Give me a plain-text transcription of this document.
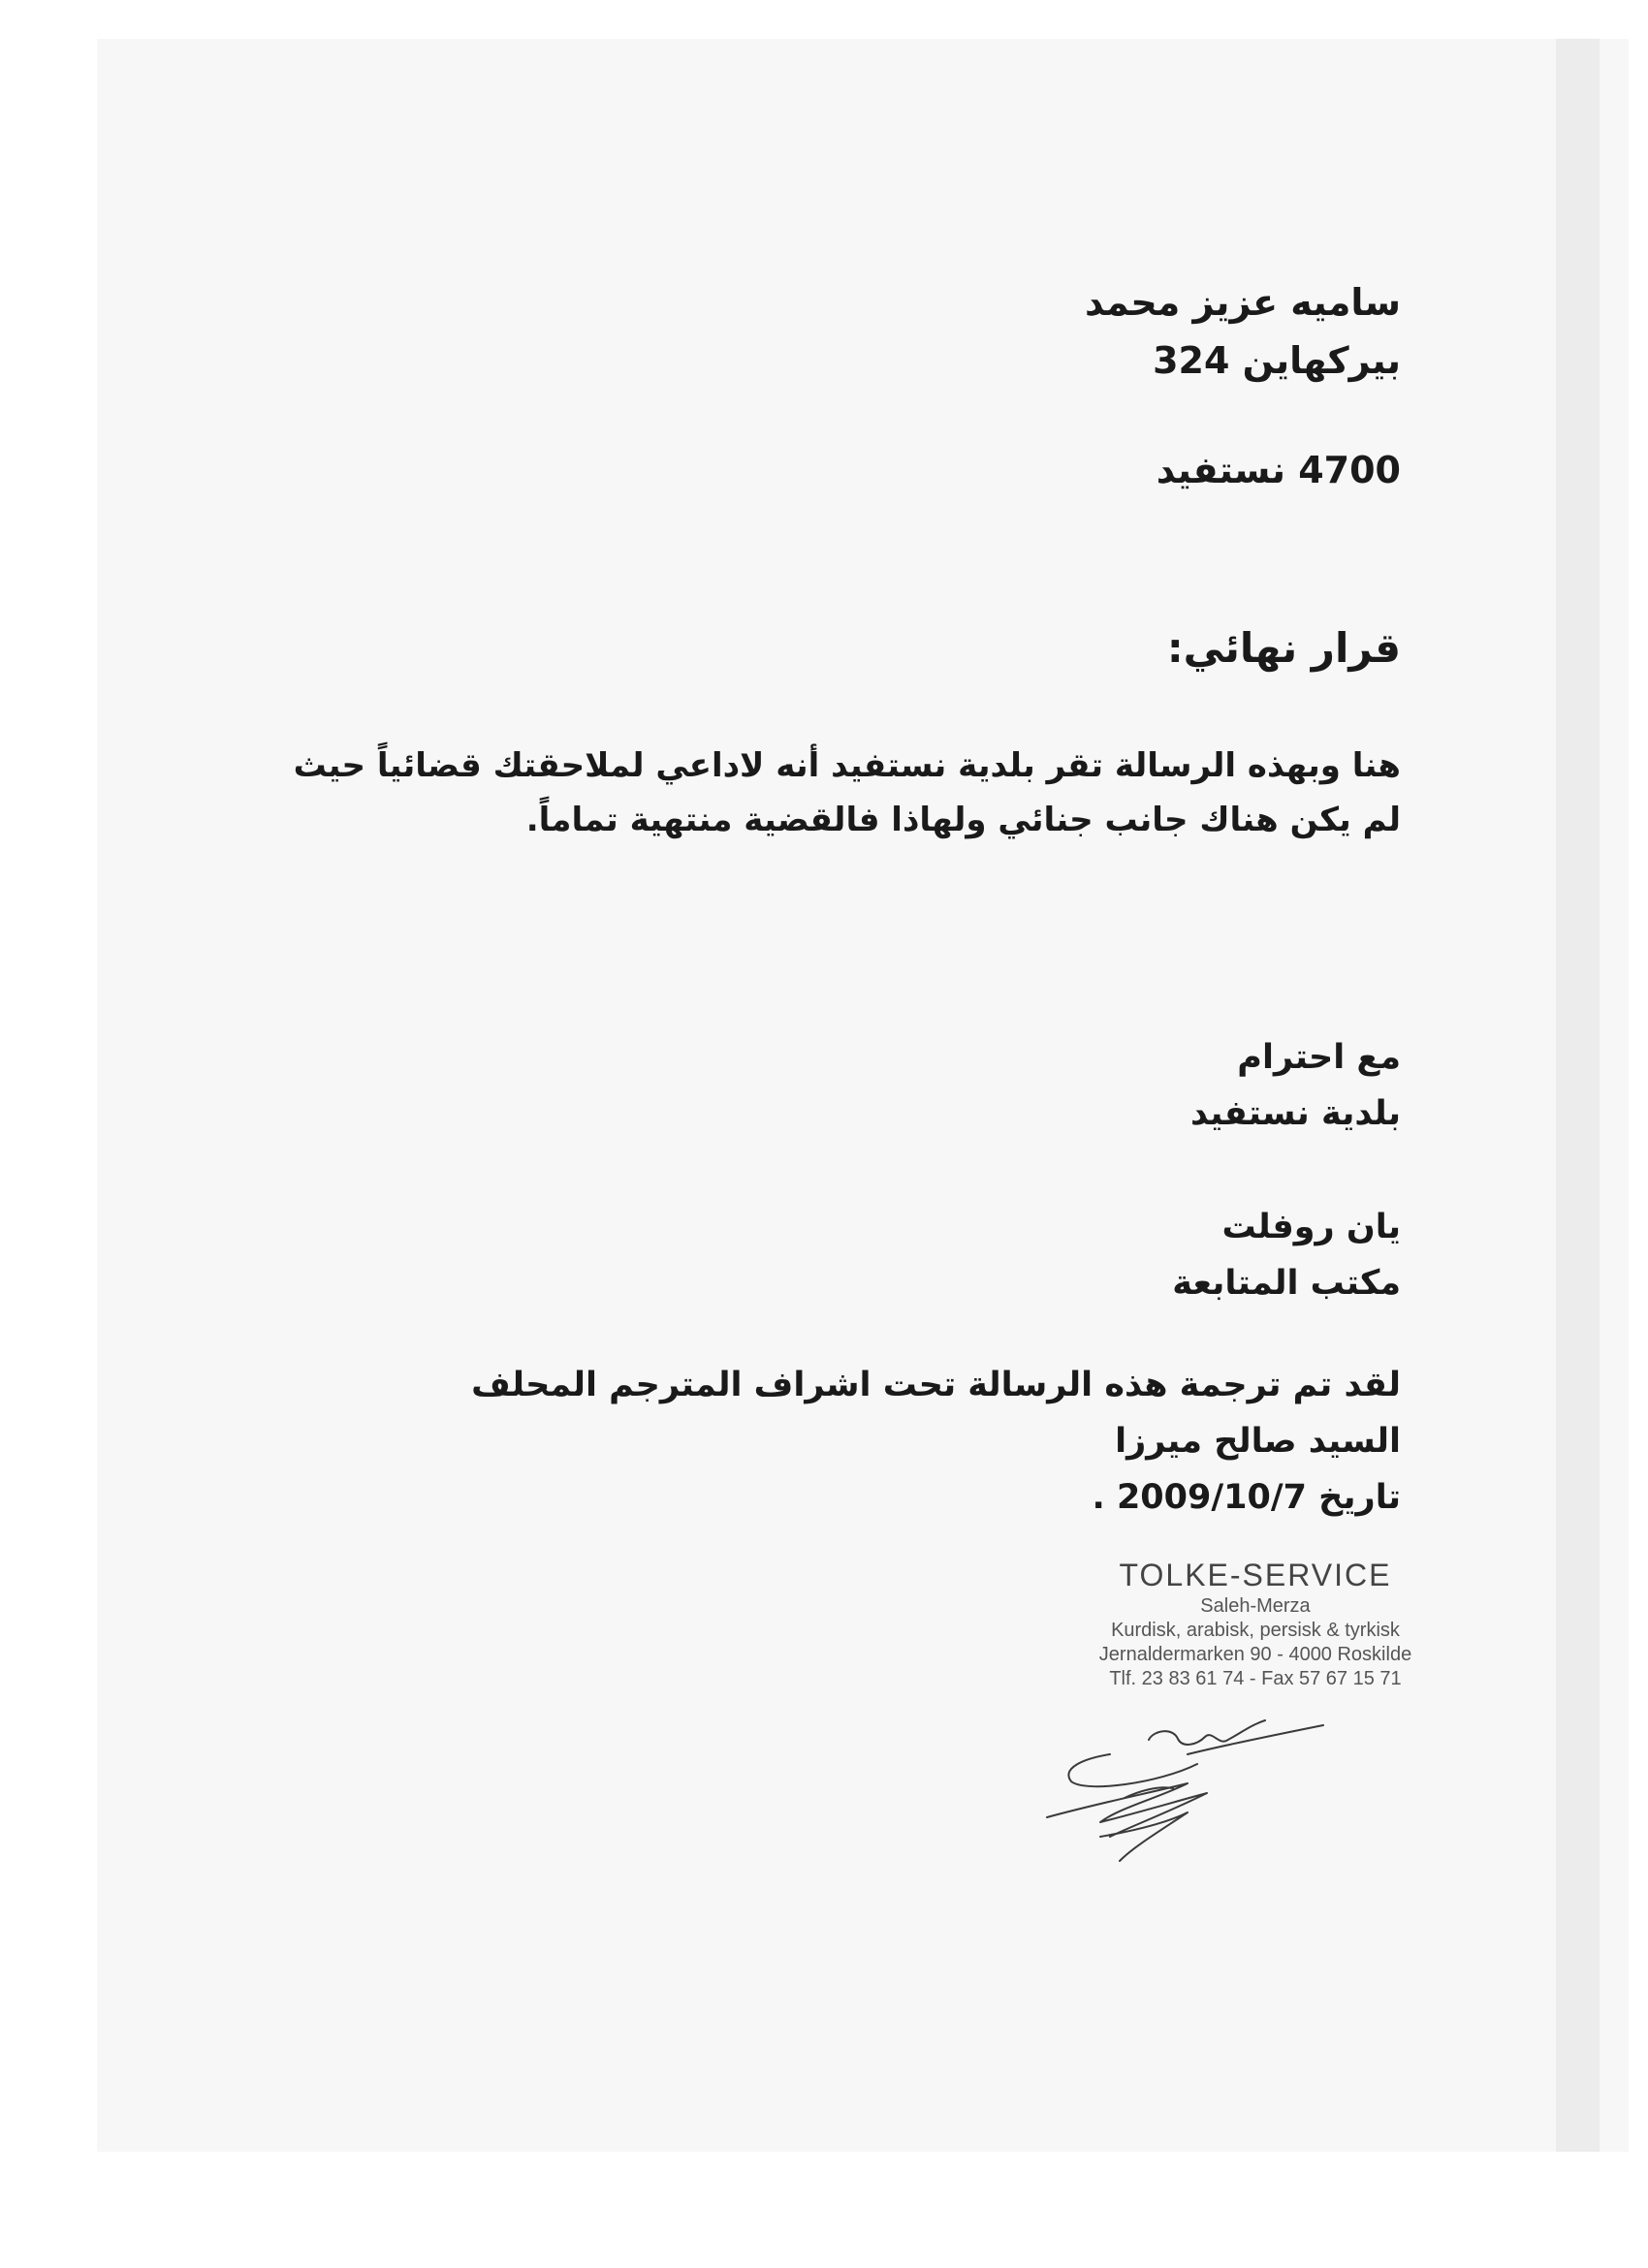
ساميه عزيز محمد
بيركهاين 324
4700 نستفيد
قرار نهائي:
هنا وبهذه الرسالة تقر بلدية نستفيد أنه لاداعي لملاحقتك قضائياً حيث لم يكن هناك جانب جنائي ولهاذا فالقضية منتهية تماماً.
مع احترام
بلدية نستفيد
يان روفلت
مكتب المتابعة
لقد تم ترجمة هذه الرسالة تحت اشراف المترجم المحلف
السيد صالح ميرزا
تاريخ 2009/10/7 .
TOLKE-SERVICE
Saleh-Merza
Kurdisk, arabisk, persisk & tyrkisk
Jernaldermarken 90 - 4000 Roskilde
Tlf. 23 83 61 74 - Fax 57 67 15 71
